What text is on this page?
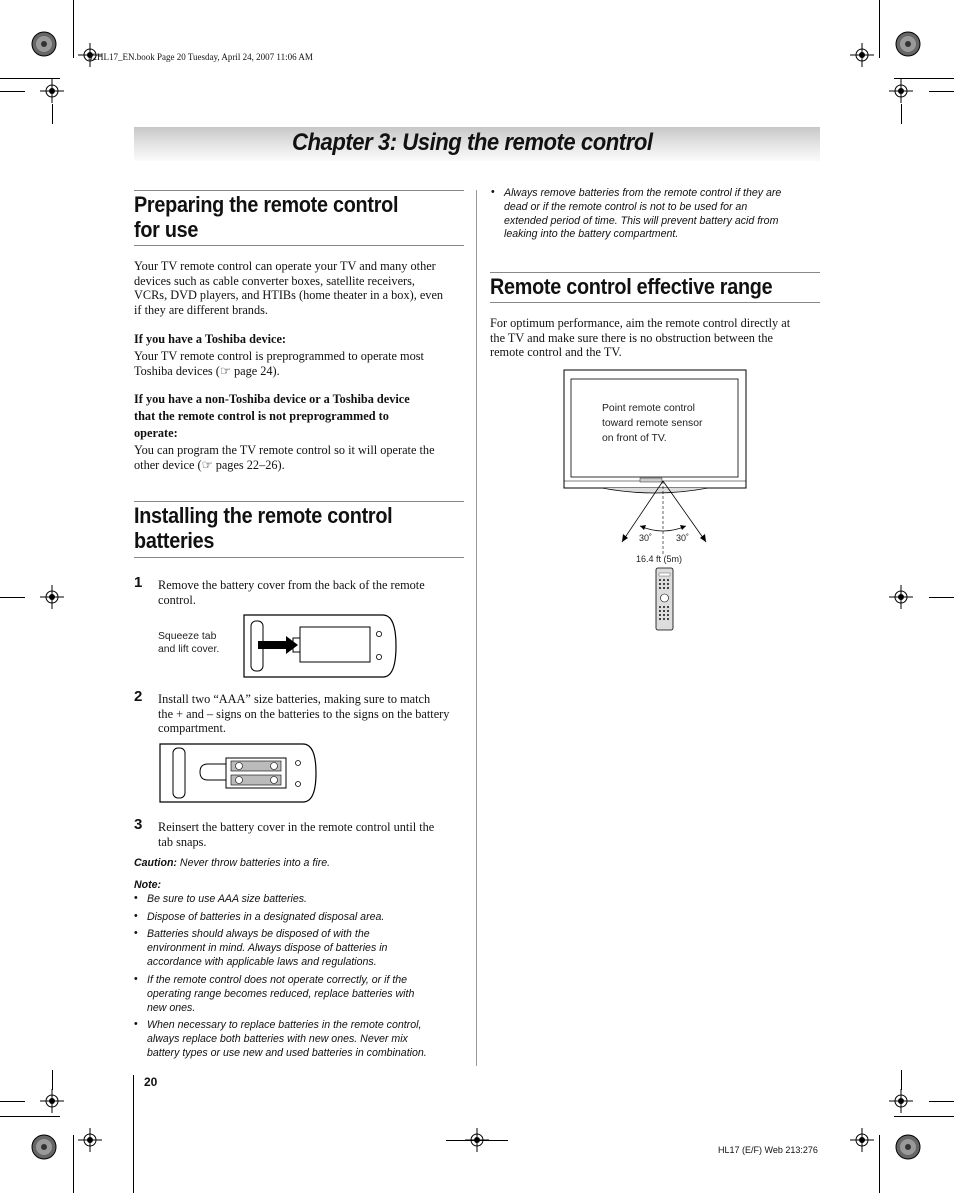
32HL17_EN.book Page 20 Tuesday, April 24, 2007 11:06 AM
Chapter 3: Using the remote control
Preparing the remote control
for use
Your TV remote control can operate your TV and many other
devices such as cable converter boxes, satellite receivers,
VCRs, DVD players, and HTIBs (home theater in a box), even
if they are different brands.
If you have a Toshiba device:
Your TV remote control is preprogrammed to operate most
Toshiba devices (☞ page 24).
If you have a non-Toshiba device or a Toshiba device
that the remote control is not preprogrammed to
operate:
You can program the TV remote control so it will operate the
other device (☞ pages 22–26).
Installing the remote control
batteries
1 Remove the battery cover from the back of the remote
control.
Squeeze tab
and lift cover.
2 Install two “AAA” size batteries, making sure to match
the + and – signs on the batteries to the signs on the battery
compartment.
3 Reinsert the battery cover in the remote control until the
tab snaps.
Caution: Never throw batteries into a fire.
Note:
• Be sure to use AAA size batteries.
• Dispose of batteries in a designated disposal area.
• Batteries should always be disposed of with the
environment in mind. Always dispose of batteries in
accordance with applicable laws and regulations.
• If the remote control does not operate correctly, or if the
operating range becomes reduced, replace batteries with
new ones.
• When necessary to replace batteries in the remote control,
always replace both batteries with new ones. Never mix
battery types or use new and used batteries in combination.
• Always remove batteries from the remote control if they are
dead or if the remote control is not to be used for an
extended period of time. This will prevent battery acid from
leaking into the battery compartment.
Remote control effective range
For optimum performance, aim the remote control directly at
the TV and make sure there is no obstruction between the
remote control and the TV.
Point remote control
toward remote sensor
on front of TV.
30˚	30˚
16.4 ft (5m)
20
HL17 (E/F) Web 213:276
